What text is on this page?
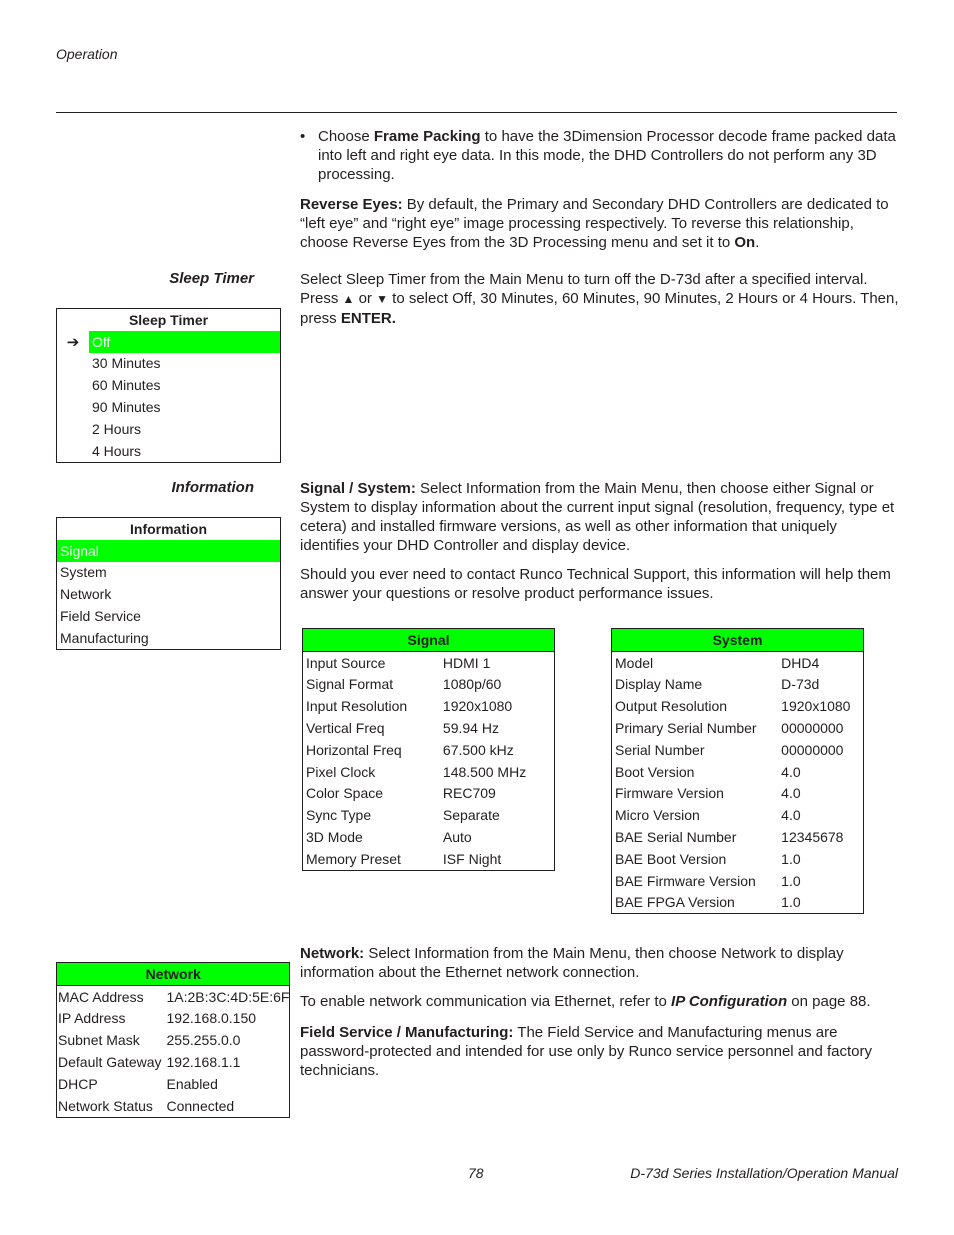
Operation
• Choose Frame Packing to have the 3Dimension Processor decode frame packed data into left and right eye data. In this mode, the DHD Controllers do not perform any 3D processing.
Reverse Eyes: By default, the Primary and Secondary DHD Controllers are dedicated to “left eye” and “right eye” image processing respectively. To reverse this relationship, choose Reverse Eyes from the 3D Processing menu and set it to On.
Sleep Timer	Select Sleep Timer from the Main Menu to turn off the D-73d after a specified interval. Press ▲ or ▼ to select Off, 30 Minutes, 60 Minutes, 90 Minutes, 2 Hours or 4 Hours. Then, press ENTER.
Sleep Timer	
➔	Off
	30 Minutes
	60 Minutes
	90 Minutes
	2 Hours
	4 Hours
Information	Signal / System: Select Information from the Main Menu, then choose either Signal or System to display information about the current input signal (resolution, frequency, type et cetera) and installed firmware versions, as well as other information that uniquely identifies your DHD Controller and display device.
Should you ever need to contact Runco Technical Support, this information will help them answer your questions or resolve product performance issues.
Information
Signal
System
Network
Field Service
Manufacturing	Signal	
Input Source	HDMI 1
Signal Format	1080p/60
Input Resolution	1920x1080
Vertical Freq	59.94 Hz
Horizontal Freq	67.500 kHz
Pixel Clock	148.500 MHz
Color Space	REC709
Sync Type	Separate
3D Mode	Auto
Memory Preset	ISF Night
System	
Model	DHD4
Display Name	D-73d
Output Resolution	1920x1080
Primary Serial Number	00000000
Serial Number	00000000
Boot Version	4.0
Firmware Version	4.0
Micro Version	4.0
BAE Serial Number	12345678
BAE Boot Version	1.0
BAE Firmware Version	1.0
BAE FPGA Version	1.0
Network	
MAC Address	1A:2B:3C:4D:5E:6F
IP Address	192.168.0.150
Subnet Mask	255.255.0.0
Default Gateway	192.168.1.1
DHCP	Enabled
Network Status	Connected
Network: Select Information from the Main Menu, then choose Network to display information about the Ethernet network connection.
To enable network communication via Ethernet, refer to IP Configuration on page 88.
Field Service / Manufacturing: The Field Service and Manufacturing menus are password-protected and intended for use only by Runco service personnel and factory technicians.
78	D-73d Series Installation/Operation Manual
